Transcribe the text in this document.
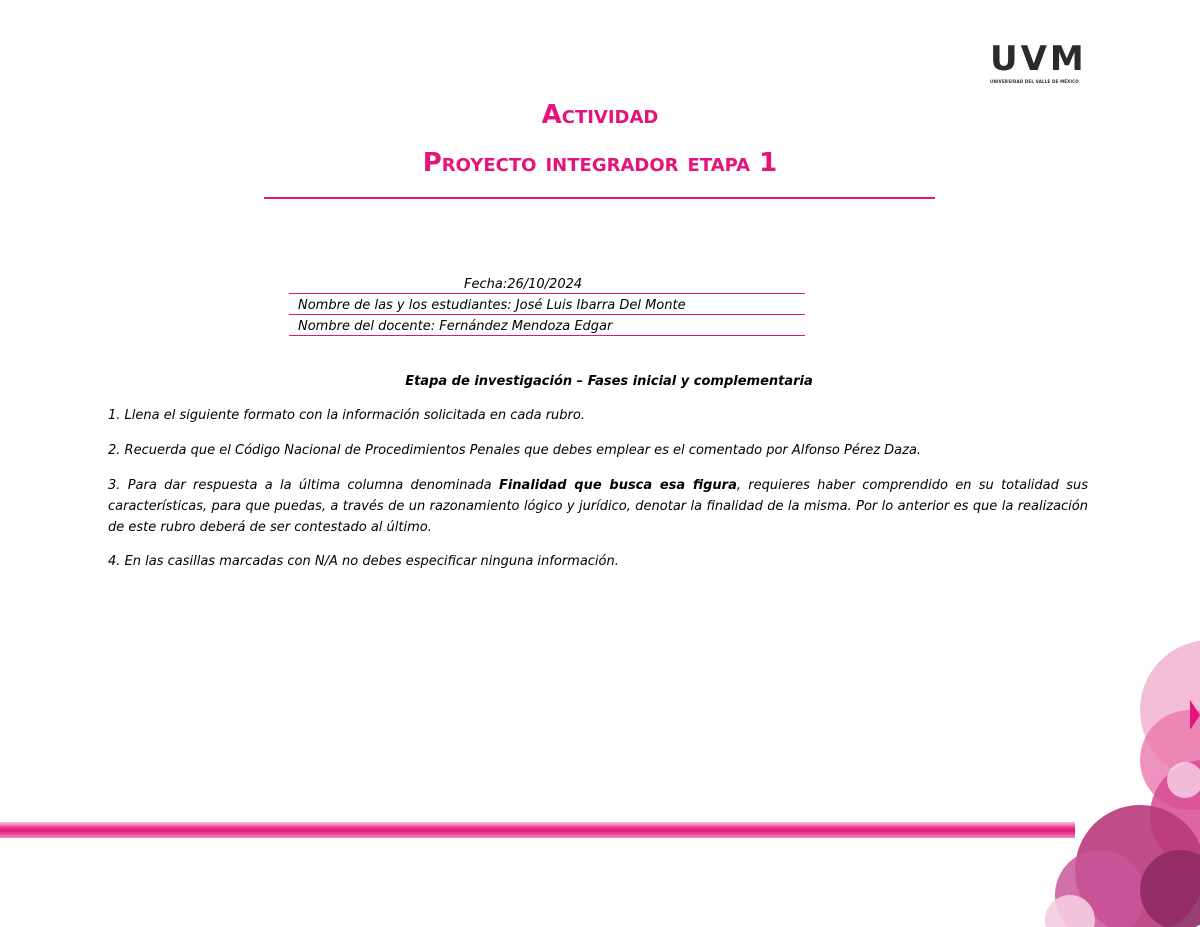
UVM
UNIVERSIDAD DEL VALLE DE MÉXICO
Actividad
Proyecto integrador etapa 1
Fecha:26/10/2024
Nombre de las y los estudiantes: José Luis Ibarra Del Monte
Nombre del docente: Fernández Mendoza Edgar
Etapa de investigación – Fases inicial y complementaria
1. Llena el siguiente formato con la información solicitada en cada rubro.
2. Recuerda que el Código Nacional de Procedimientos Penales que debes emplear es el comentado por Alfonso Pérez Daza.
3. Para dar respuesta a la última columna denominada Finalidad que busca esa figura, requieres haber comprendido en su totalidad sus características, para que puedas, a través de un razonamiento lógico y jurídico, denotar la finalidad de la misma. Por lo anterior es que la realización de este rubro deberá de ser contestado al último.
4. En las casillas marcadas con N/A no debes especificar ninguna información.
